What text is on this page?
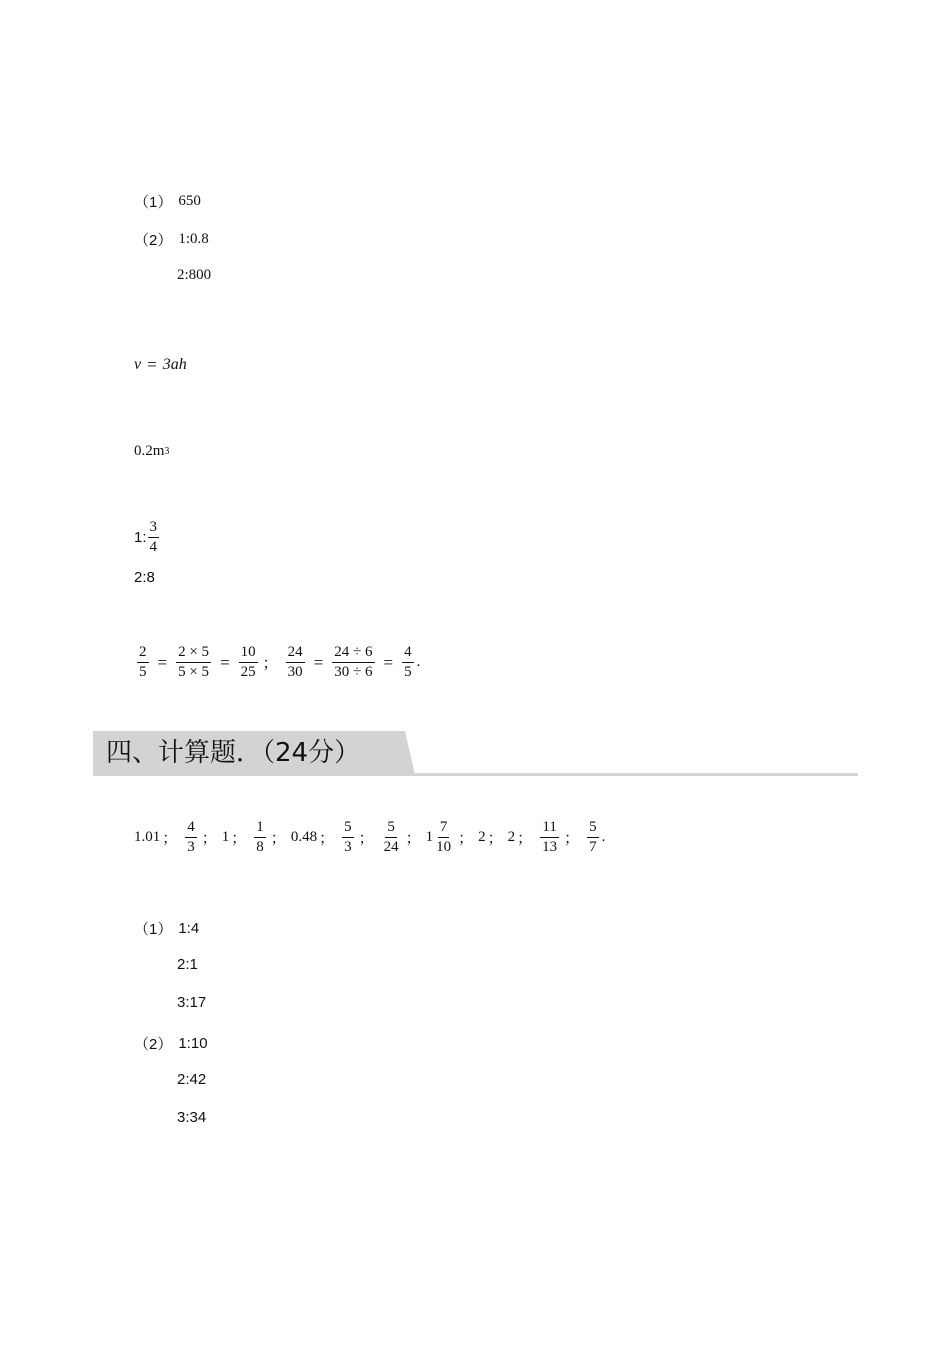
（1） 650
（2） 1:0.8
2:800
v = 3ah
0.2m 3
1: $\frac{3}{4}$
2:8
$\frac{2}{5} = \frac{2 \times 5}{5 \times 5} = \frac{10}{25}$ ； $\frac{24}{30} = \frac{24 \div 6}{30 \div 6} = \frac{4}{5}$ .
四、计算题．（24分）
1.01 ； $\frac{4}{3}$ ； 1 ； $\frac{1}{8}$ ； 0.48 ； $\frac{5}{3}$ ； $\frac{5}{24}$ ； $1 \frac{7}{10}$ ； 2 ； 2 ； $\frac{11}{13}$ ； $\frac{5}{7}$ .
（1） 1:4
2:1
3:17
（2） 1:10
2:42
3:34
